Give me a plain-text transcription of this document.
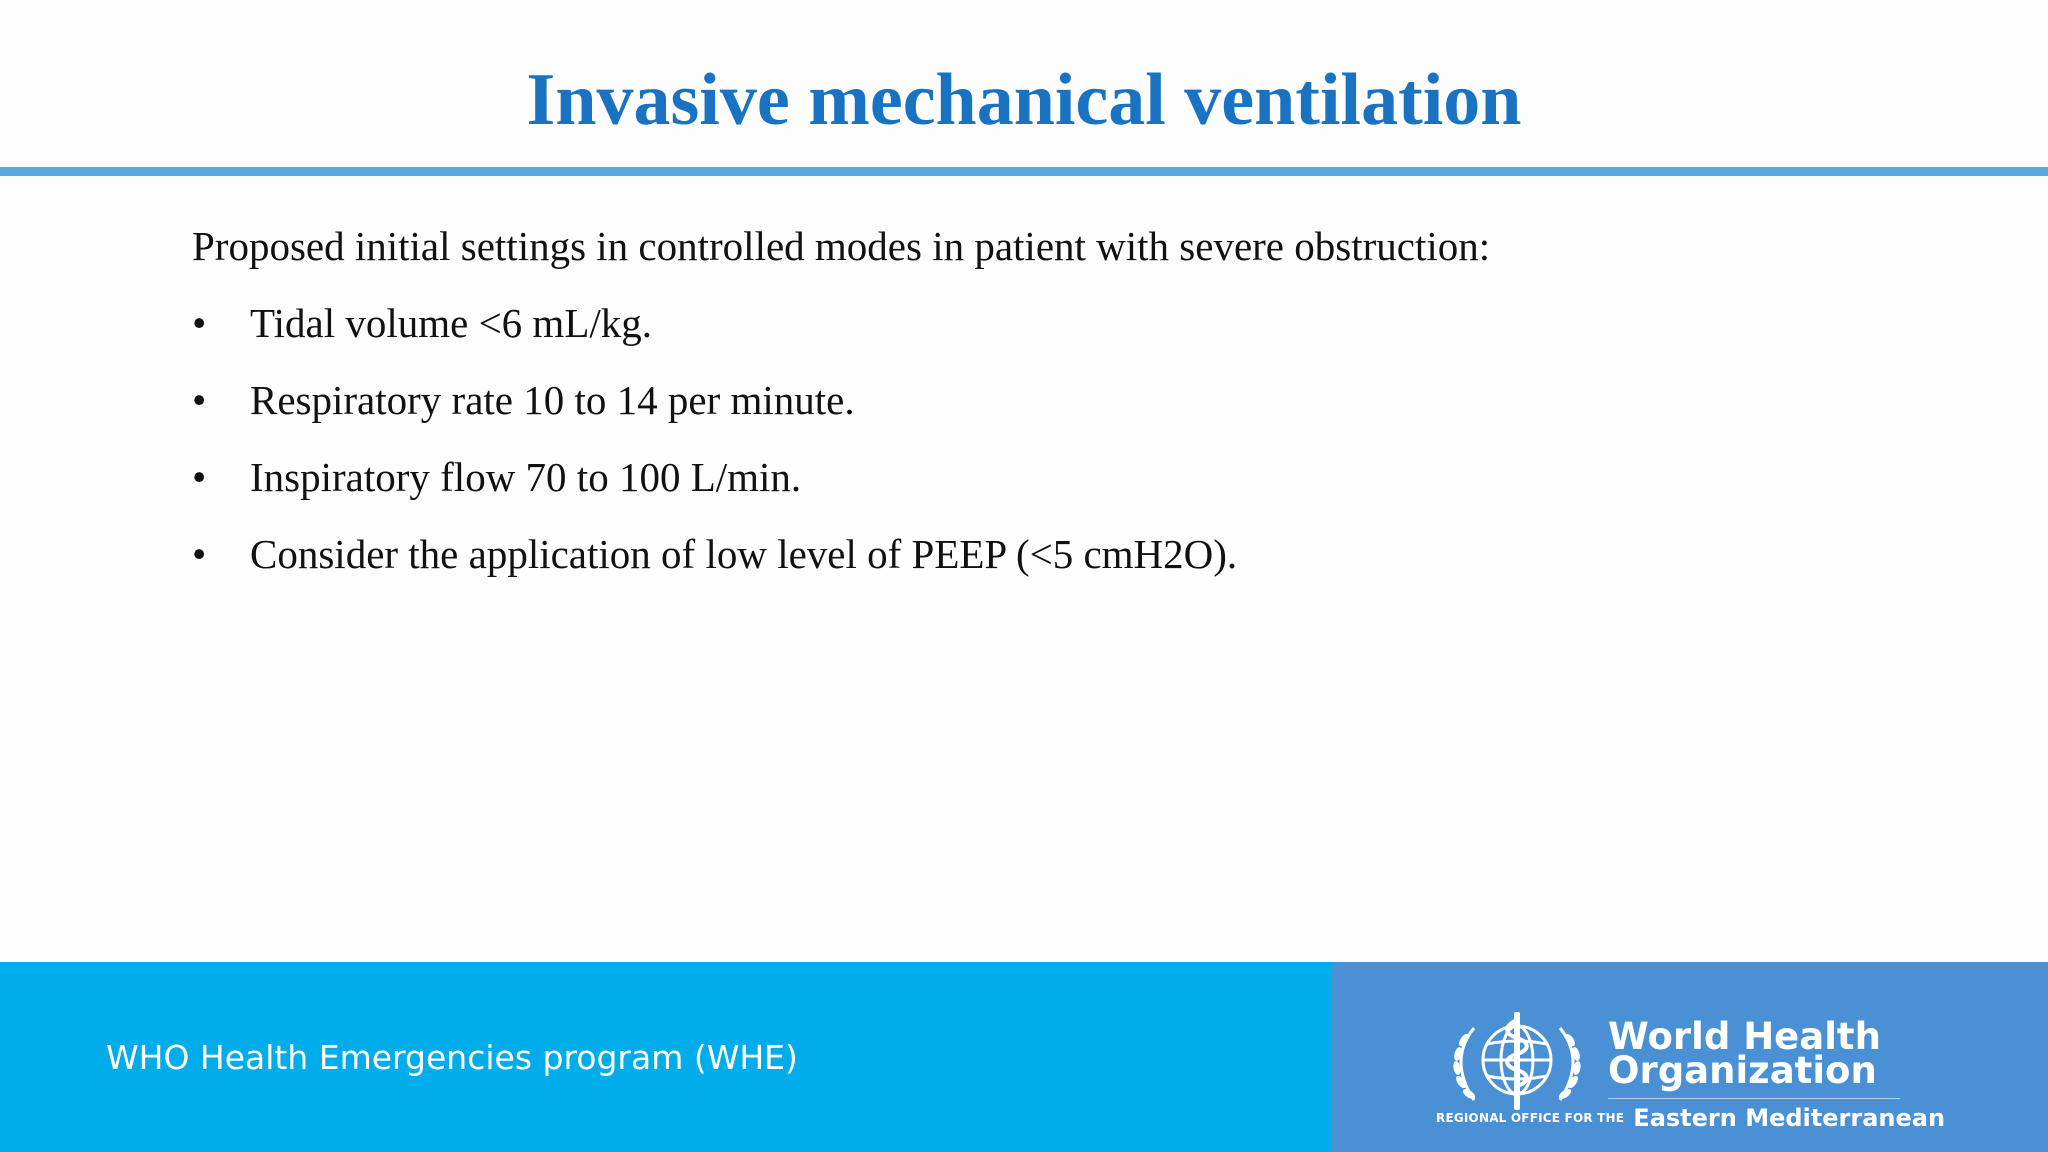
Invasive mechanical ventilation

Proposed initial settings in controlled modes in patient with severe obstruction:

•	Tidal volume <6 mL/kg.
•	Respiratory rate 10 to 14 per minute.
•	Inspiratory flow 70 to 100 L/min.
•	Consider the application of low level of PEEP (<5 cmH2O).
WHO Health Emergencies program (WHE)	World Health
Organization
REGIONAL OFFICE FOR THE Eastern Mediterranean
